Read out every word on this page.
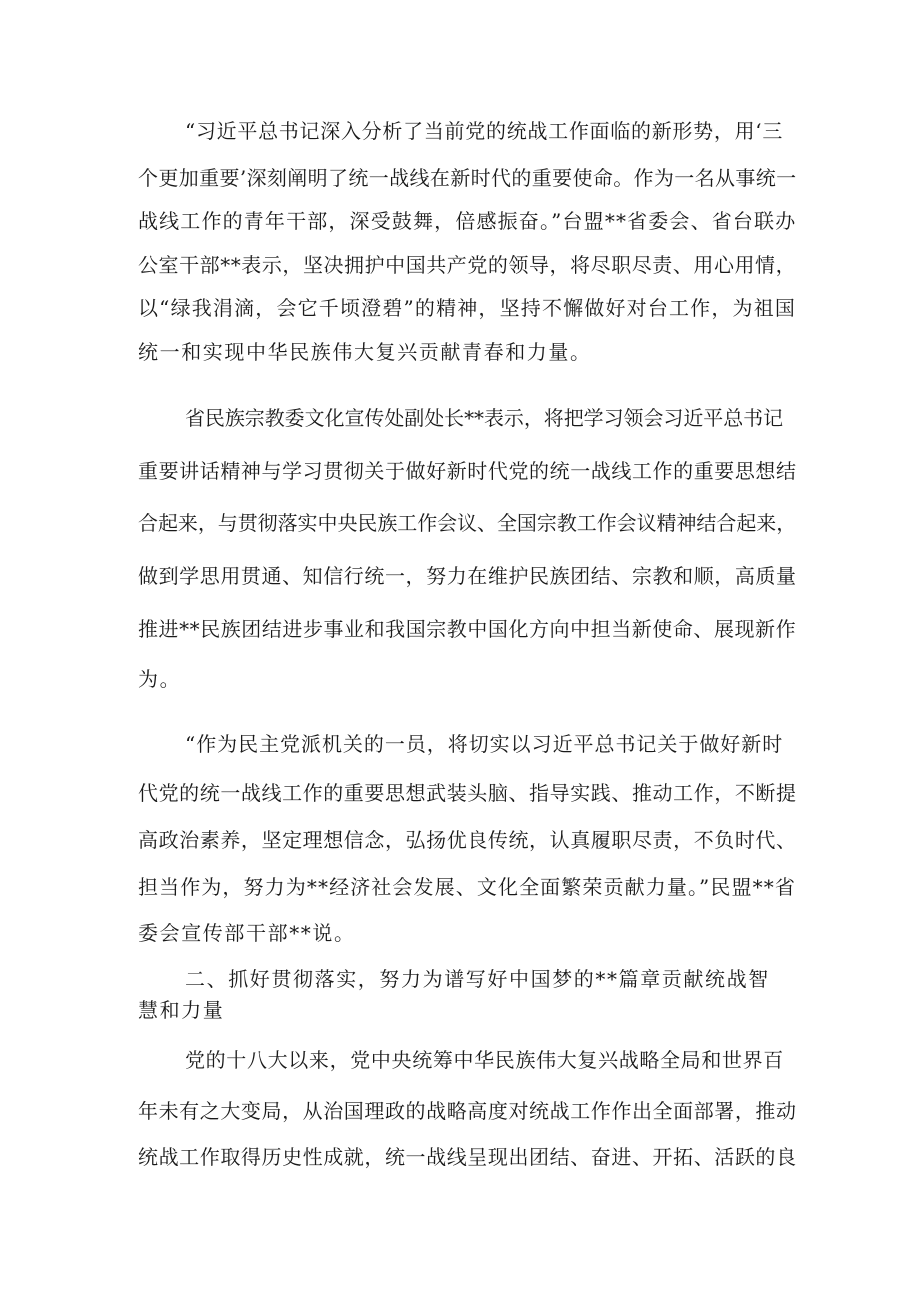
“习近平总书记深入分析了当前党的统战工作面临的新形势，用‘三
个更加重要’深刻阐明了统一战线在新时代的重要使命。作为一名从事统一
战线工作的青年干部，深受鼓舞，倍感振奋。”台盟**省委会、省台联办
公室干部**表示，坚决拥护中国共产党的领导，将尽职尽责、用心用情，
以“绿我涓滴，会它千顷澄碧”的精神，坚持不懈做好对台工作，为祖国
统一和实现中华民族伟大复兴贡献青春和力量。
省民族宗教委文化宣传处副处长**表示，将把学习领会习近平总书记
重要讲话精神与学习贯彻关于做好新时代党的统一战线工作的重要思想结
合起来，与贯彻落实中央民族工作会议、全国宗教工作会议精神结合起来，
做到学思用贯通、知信行统一，努力在维护民族团结、宗教和顺，高质量
推进**民族团结进步事业和我国宗教中国化方向中担当新使命、展现新作
为。
“作为民主党派机关的一员，将切实以习近平总书记关于做好新时
代党的统一战线工作的重要思想武装头脑、指导实践、推动工作，不断提
高政治素养，坚定理想信念，弘扬优良传统，认真履职尽责，不负时代、
担当作为，努力为**经济社会发展、文化全面繁荣贡献力量。”民盟**省
委会宣传部干部**说。
二、抓好贯彻落实，努力为谱写好中国梦的**篇章贡献统战智
慧和力量
党的十八大以来，党中央统筹中华民族伟大复兴战略全局和世界百
年未有之大变局，从治国理政的战略高度对统战工作作出全面部署，推动
统战工作取得历史性成就，统一战线呈现出团结、奋进、开拓、活跃的良
